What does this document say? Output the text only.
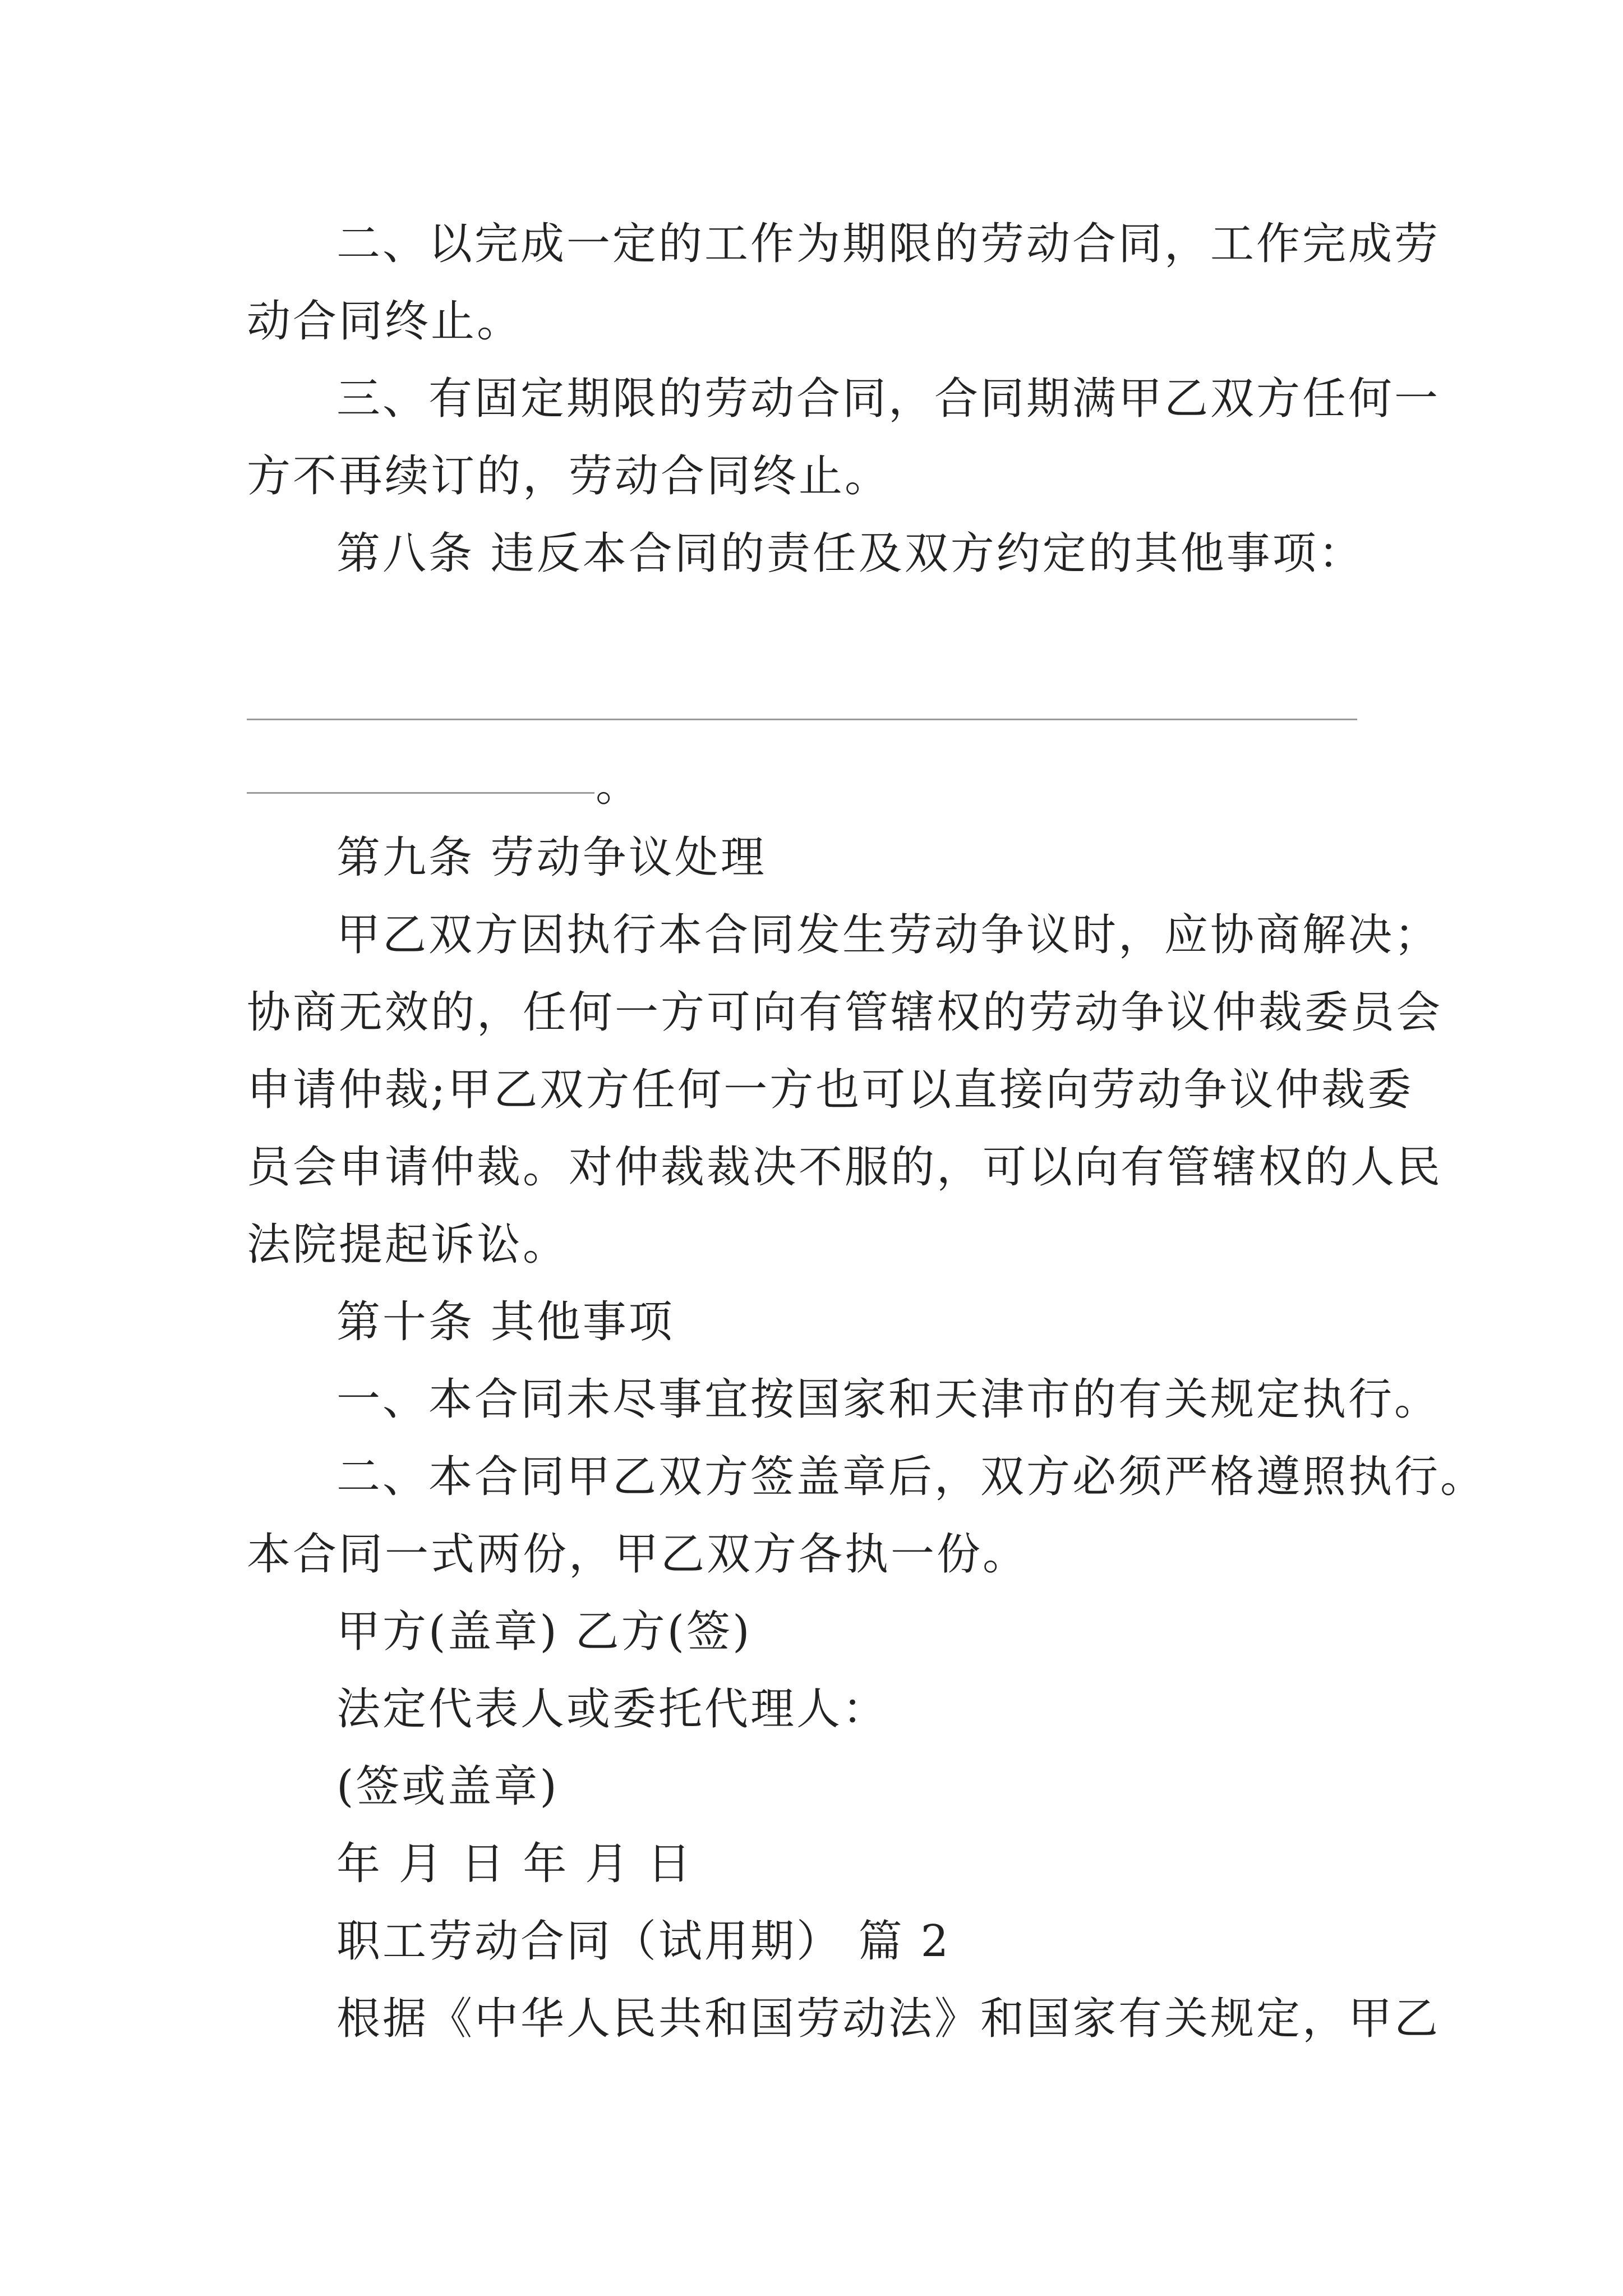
二、以完成一定的工作为期限的劳动合同，工作完成劳
动合同终止。
三、有固定期限的劳动合同，合同期满甲乙双方任何一
方不再续订的，劳动合同终止。
第八条 违反本合同的责任及双方约定的其他事项：
。
第九条 劳动争议处理
甲乙双方因执行本合同发生劳动争议时，应协商解决；
协商无效的，任何一方可向有管辖权的劳动争议仲裁委员会
申请仲裁;甲乙双方任何一方也可以直接向劳动争议仲裁委
员会申请仲裁。对仲裁裁决不服的，可以向有管辖权的人民
法院提起诉讼。
第十条 其他事项
一、本合同未尽事宜按国家和天津市的有关规定执行。
二、本合同甲乙双方签盖章后，双方必须严格遵照执行。
本合同一式两份，甲乙双方各执一份。
甲方(盖章) 乙方(签)
法定代表人或委托代理人：
(签或盖章)
年 月 日 年 月 日
职工劳动合同（试用期） 篇 2
根据《中华人民共和国劳动法》和国家有关规定，甲乙
